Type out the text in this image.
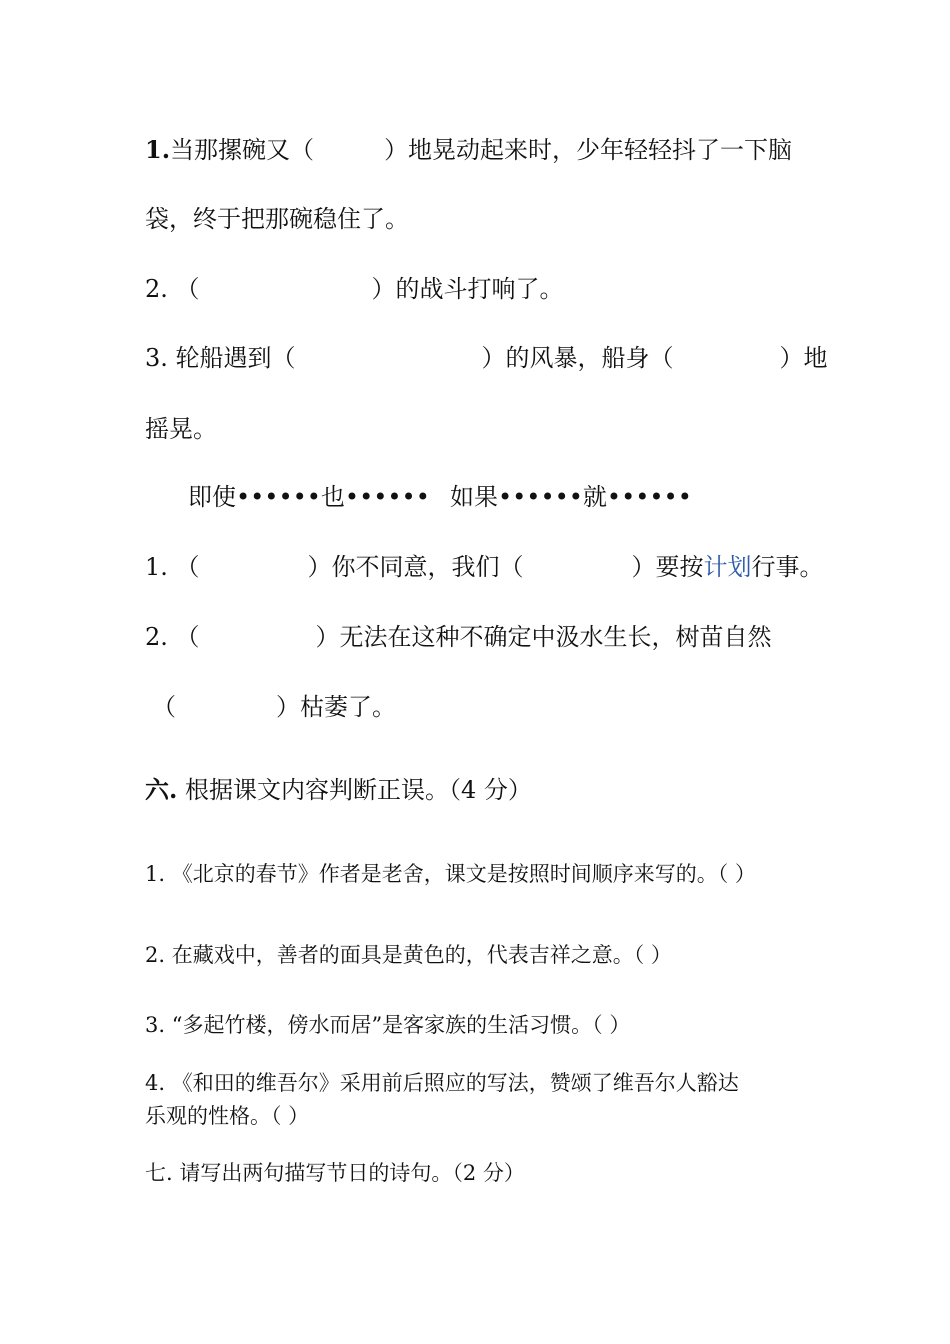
1.当那摞碗又（	）地晃动起来时，少年轻轻抖了一下脑
袋，终于把那碗稳住了。
2. （	）的战斗打响了。
3. 轮船遇到（	）的风暴，船身（	）地
摇晃。
即使••••••也•••••• 如果••••••就••••••
1. （	）你不同意，我们（	）要按计划行事。
2. （	）无法在这种不确定中汲水生长，树苗自然
（	）枯萎了。
六. 根据课文内容判断正误。（4 分）
1. 《北京的春节》作者是老舍，课文是按照时间顺序来写的。（ ）
2. 在藏戏中，善者的面具是黄色的，代表吉祥之意。（ ）
3. “多起竹楼，傍水而居”是客家族的生活习惯。（ ）
4. 《和田的维吾尔》采用前后照应的写法，赞颂了维吾尔人豁达
乐观的性格。（ ）
七. 请写出两句描写节日的诗句。（2 分）
